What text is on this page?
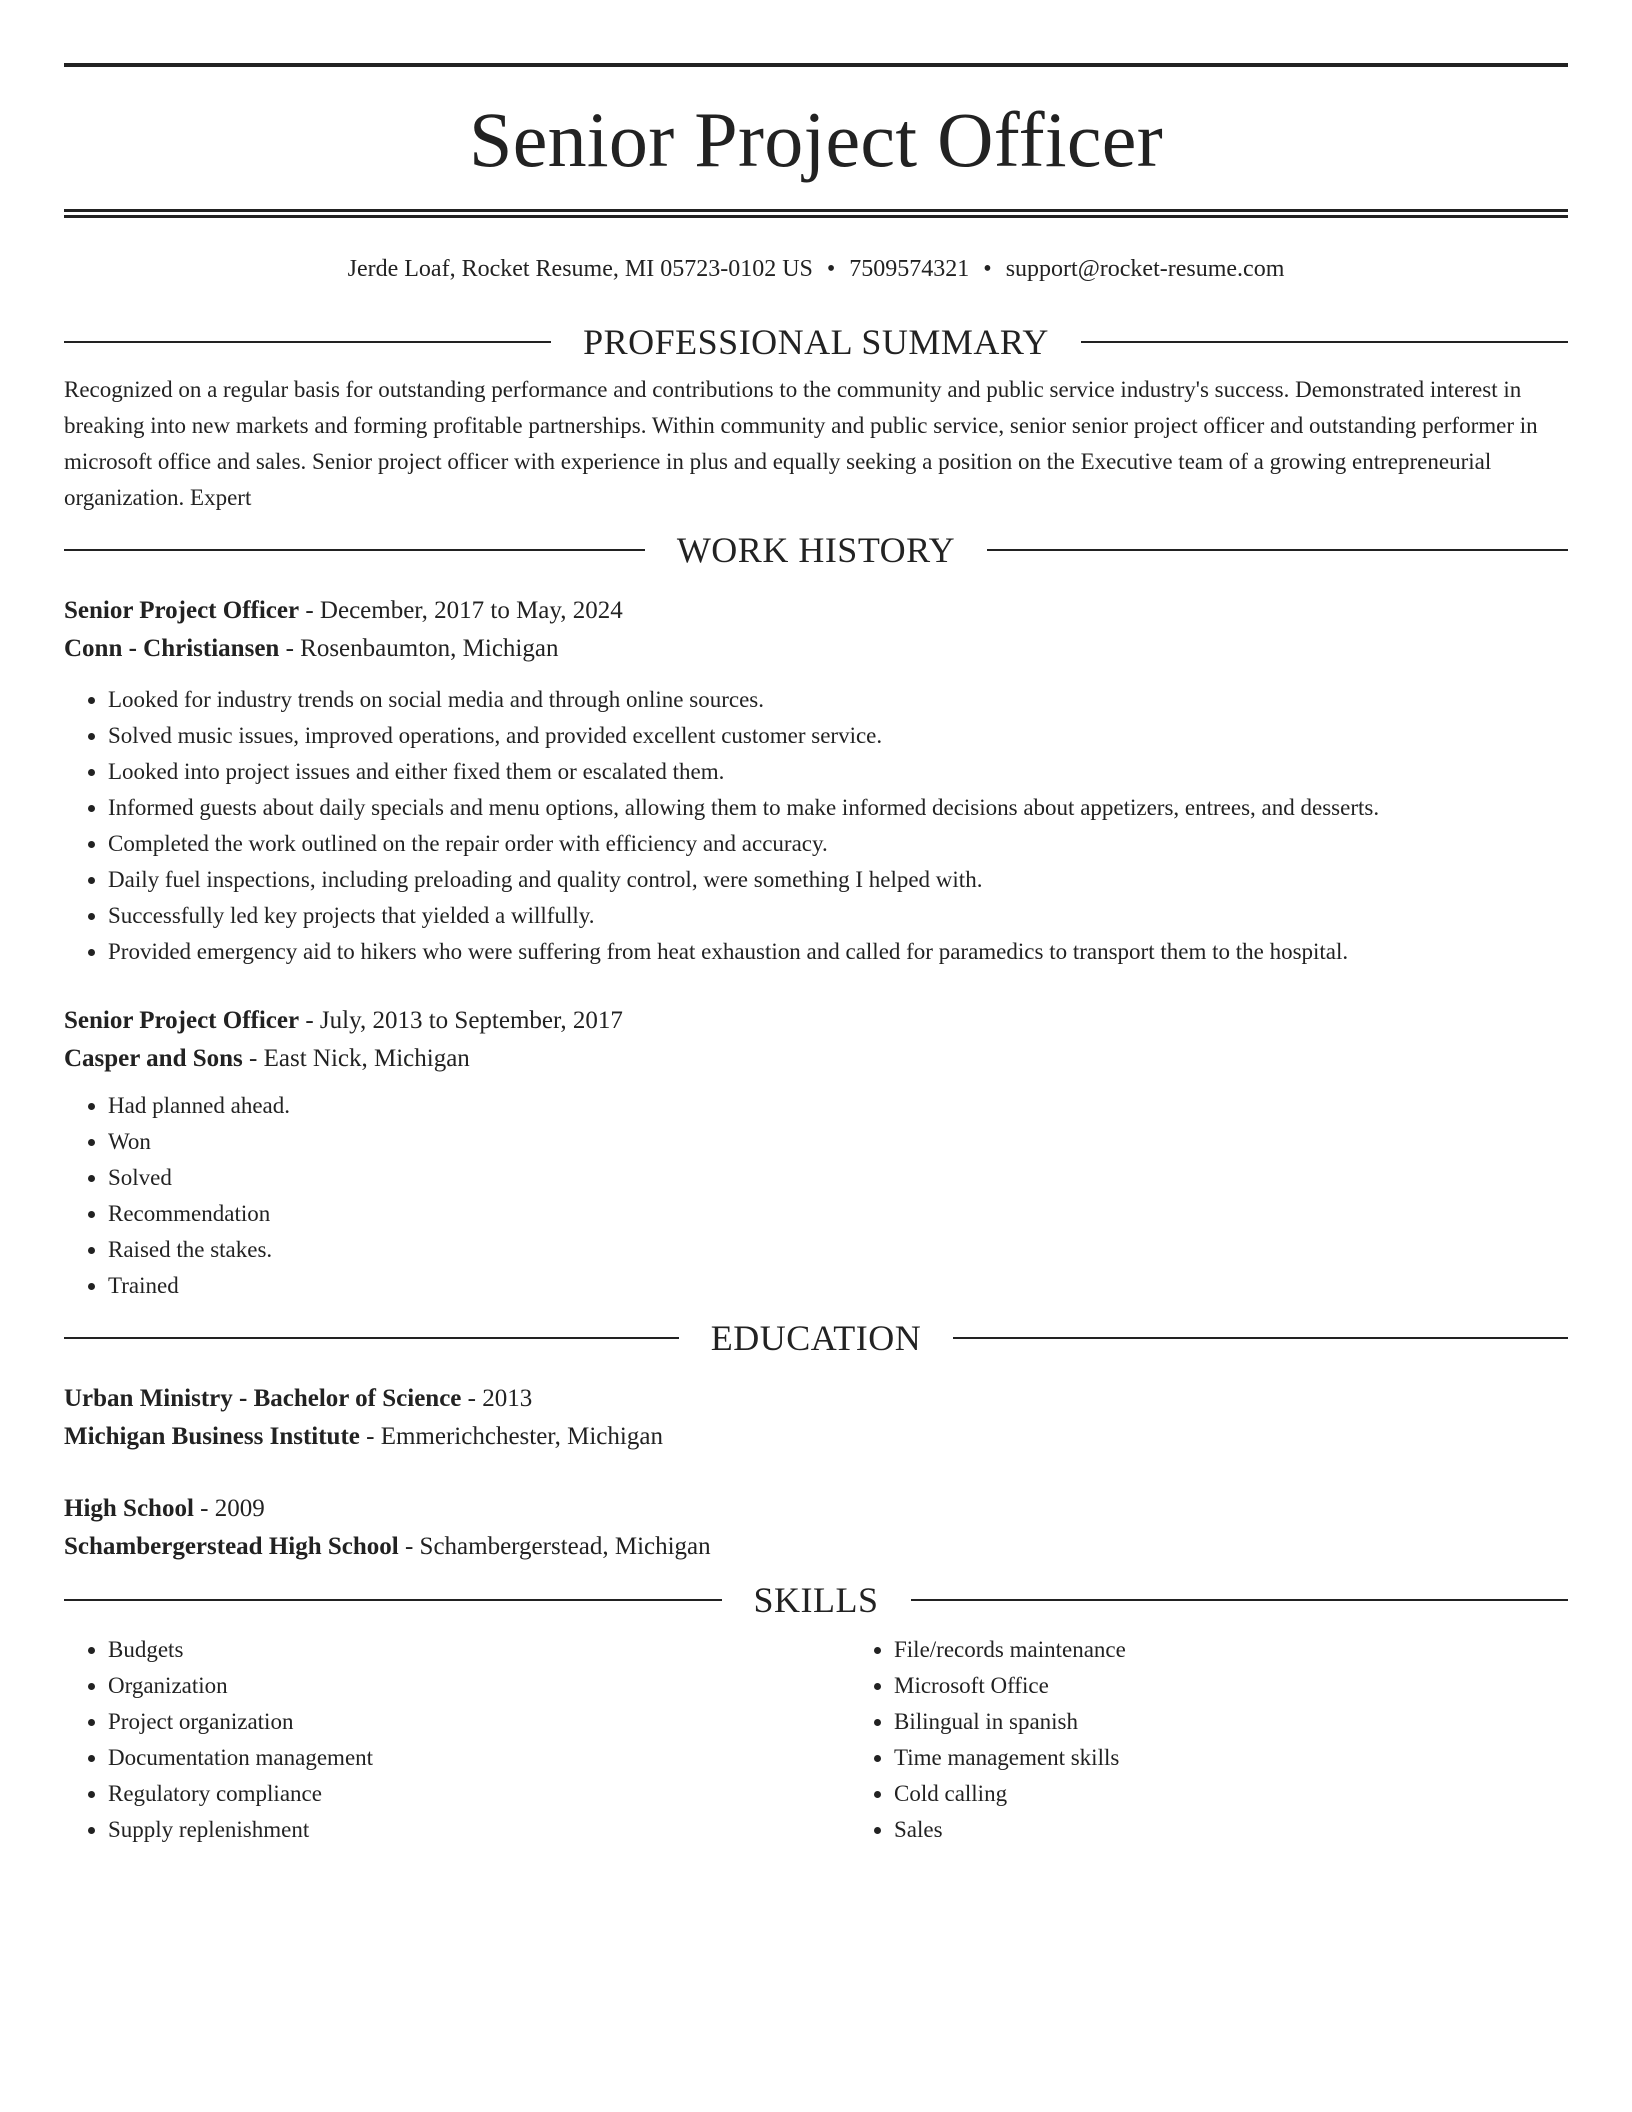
Senior Project Officer
Jerde Loaf, Rocket Resume, MI 05723-0102 US • 7509574321 • support@rocket-resume.com
PROFESSIONAL SUMMARY
Recognized on a regular basis for outstanding performance and contributions to the community and public service industry's success. Demonstrated interest in breaking into new markets and forming profitable partnerships. Within community and public service, senior senior project officer and outstanding performer in microsoft office and sales. Senior project officer with experience in plus and equally seeking a position on the Executive team of a growing entrepreneurial organization. Expert
WORK HISTORY
Senior Project Officer - December, 2017 to May, 2024
Conn - Christiansen - Rosenbaumton, Michigan
• Looked for industry trends on social media and through online sources.
• Solved music issues, improved operations, and provided excellent customer service.
• Looked into project issues and either fixed them or escalated them.
• Informed guests about daily specials and menu options, allowing them to make informed decisions about appetizers, entrees, and desserts.
• Completed the work outlined on the repair order with efficiency and accuracy.
• Daily fuel inspections, including preloading and quality control, were something I helped with.
• Successfully led key projects that yielded a willfully.
• Provided emergency aid to hikers who were suffering from heat exhaustion and called for paramedics to transport them to the hospital.
Senior Project Officer - July, 2013 to September, 2017
Casper and Sons - East Nick, Michigan
• Had planned ahead.
• Won
• Solved
• Recommendation
• Raised the stakes.
• Trained
EDUCATION
Urban Ministry - Bachelor of Science - 2013
Michigan Business Institute - Emmerichchester, Michigan
High School - 2009
Schambergerstead High School - Schambergerstead, Michigan
SKILLS
• Budgets
• Organization
• Project organization
• Documentation management
• Regulatory compliance
• Supply replenishment
• File/records maintenance
• Microsoft Office
• Bilingual in spanish
• Time management skills
• Cold calling
• Sales
